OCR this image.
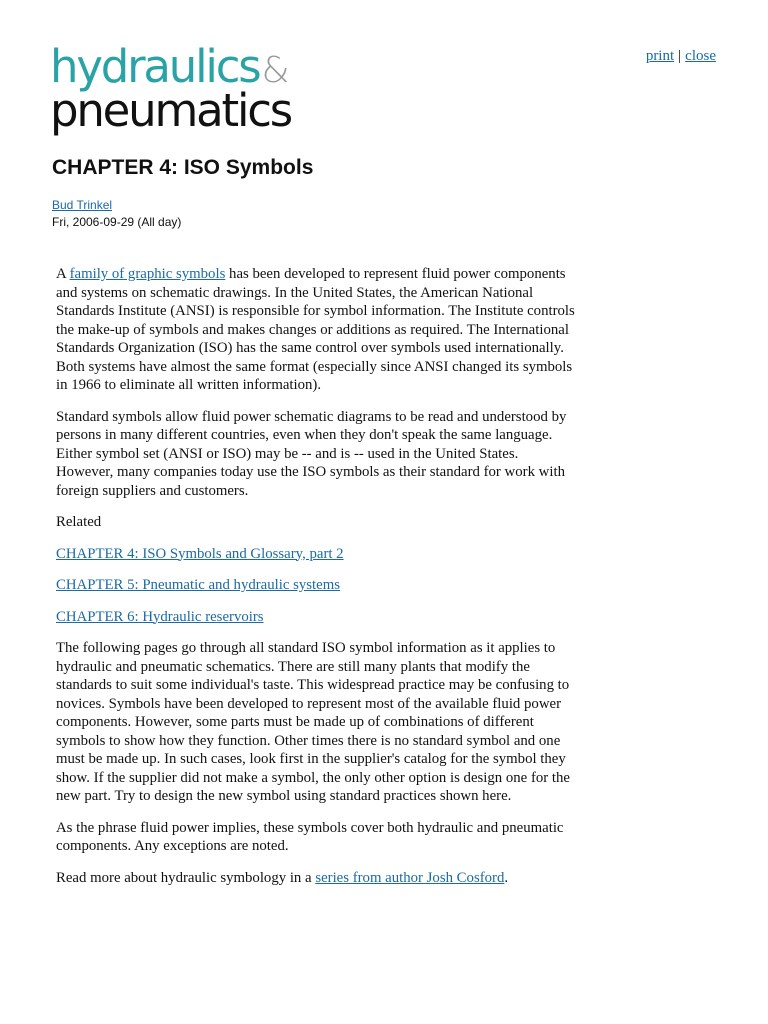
hydraulics &
pneumatics
print | close
CHAPTER 4: ISO Symbols
Bud Trinkel
Fri, 2006-09-29 (All day)

A family of graphic symbols has been developed to represent fluid power components and systems on schematic drawings. In the United States, the American National Standards Institute (ANSI) is responsible for symbol information. The Institute controls the make-up of symbols and makes changes or additions as required. The International Standards Organization (ISO) has the same control over symbols used internationally. Both systems have almost the same format (especially since ANSI changed its symbols in 1966 to eliminate all written information).

Standard symbols allow fluid power schematic diagrams to be read and understood by persons in many different countries, even when they don't speak the same language. Either symbol set (ANSI or ISO) may be -- and is -- used in the United States. However, many companies today use the ISO symbols as their standard for work with foreign suppliers and customers.

Related

CHAPTER 4: ISO Symbols and Glossary, part 2

CHAPTER 5: Pneumatic and hydraulic systems

CHAPTER 6: Hydraulic reservoirs

The following pages go through all standard ISO symbol information as it applies to hydraulic and pneumatic schematics. There are still many plants that modify the standards to suit some individual's taste. This widespread practice may be confusing to novices. Symbols have been developed to represent most of the available fluid power components. However, some parts must be made up of combinations of different symbols to show how they function. Other times there is no standard symbol and one must be made up. In such cases, look first in the supplier's catalog for the symbol they show. If the supplier did not make a symbol, the only other option is design one for the new part. Try to design the new symbol using standard practices shown here.

As the phrase fluid power implies, these symbols cover both hydraulic and pneumatic components. Any exceptions are noted.

Read more about hydraulic symbology in a series from author Josh Cosford.
